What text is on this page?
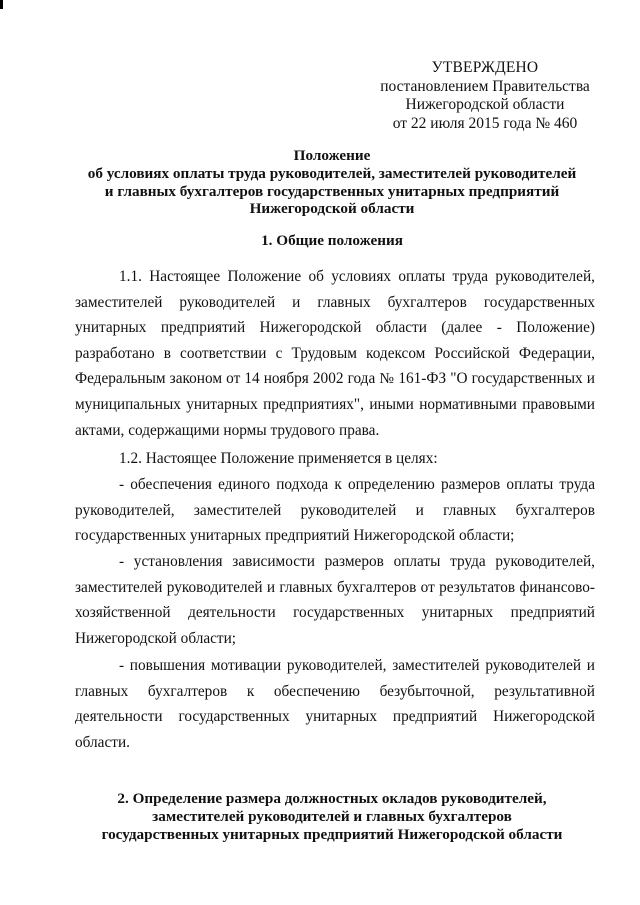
УТВЕРЖДЕНО
постановлением Правительства
Нижегородской области
от 22 июля 2015 года № 460
Положение
об условиях оплаты труда руководителей, заместителей руководителей
и главных бухгалтеров государственных унитарных предприятий
Нижегородской области
1. Общие положения

1.1. Настоящее Положение об условиях оплаты труда руководителей, заместителей руководителей и главных бухгалтеров государственных унитарных предприятий Нижегородской области (далее - Положение) разработано в соответствии с Трудовым кодексом Российской Федерации, Федеральным законом от 14 ноября 2002 года № 161-ФЗ "О государственных и муниципальных унитарных предприятиях", иными нормативными правовыми актами, содержащими нормы трудового права.

1.2. Настоящее Положение применяется в целях:

- обеспечения единого подхода к определению размеров оплаты труда руководителей, заместителей руководителей и главных бухгалтеров государственных унитарных предприятий Нижегородской области;

- установления зависимости размеров оплаты труда руководителей, заместителей руководителей и главных бухгалтеров от результатов финансово-хозяйственной деятельности государственных унитарных предприятий Нижегородской области;

- повышения мотивации руководителей, заместителей руководителей и главных бухгалтеров к обеспечению безубыточной, результативной деятельности государственных унитарных предприятий Нижегородской области.

2. Определение размера должностных окладов руководителей,
заместителей руководителей и главных бухгалтеров
государственных унитарных предприятий Нижегородской области
